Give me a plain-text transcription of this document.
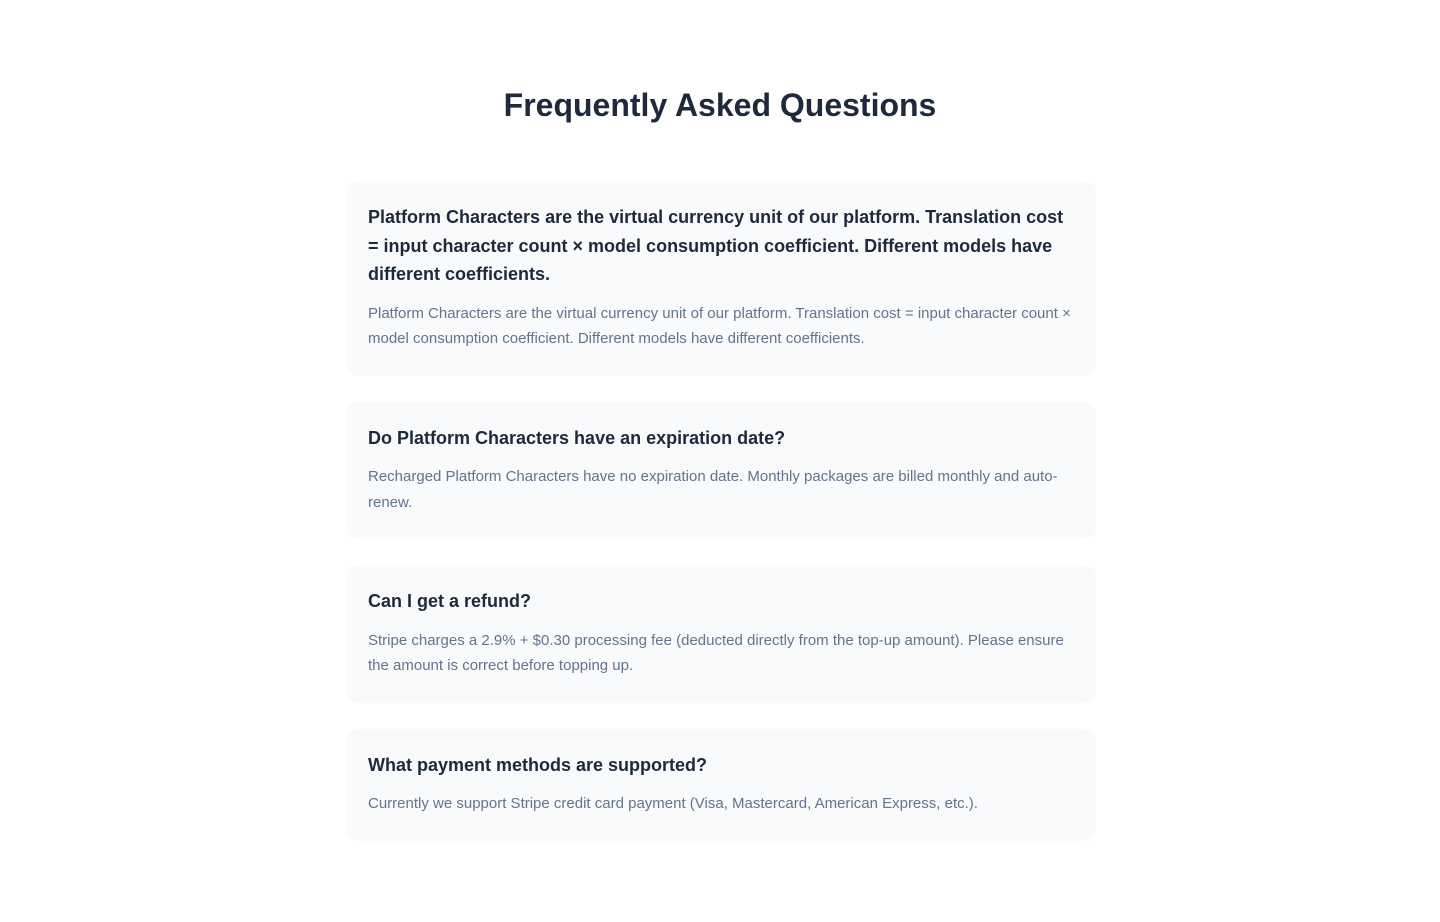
Frequently Asked Questions
Platform Characters are the virtual currency unit of our platform. Translation cost = input character count × model consumption coefficient. Different models have different coefficients.

Platform Characters are the virtual currency unit of our platform. Translation cost = input character count × model consumption coefficient. Different models have different coefficients.

Do Platform Characters have an expiration date?

Recharged Platform Characters have no expiration date. Monthly packages are billed monthly and auto-renew.

Can I get a refund?

Stripe charges a 2.9% + $0.30 processing fee (deducted directly from the top-up amount). Please ensure the amount is correct before topping up.

What payment methods are supported?

Currently we support Stripe credit card payment (Visa, Mastercard, American Express, etc.).
